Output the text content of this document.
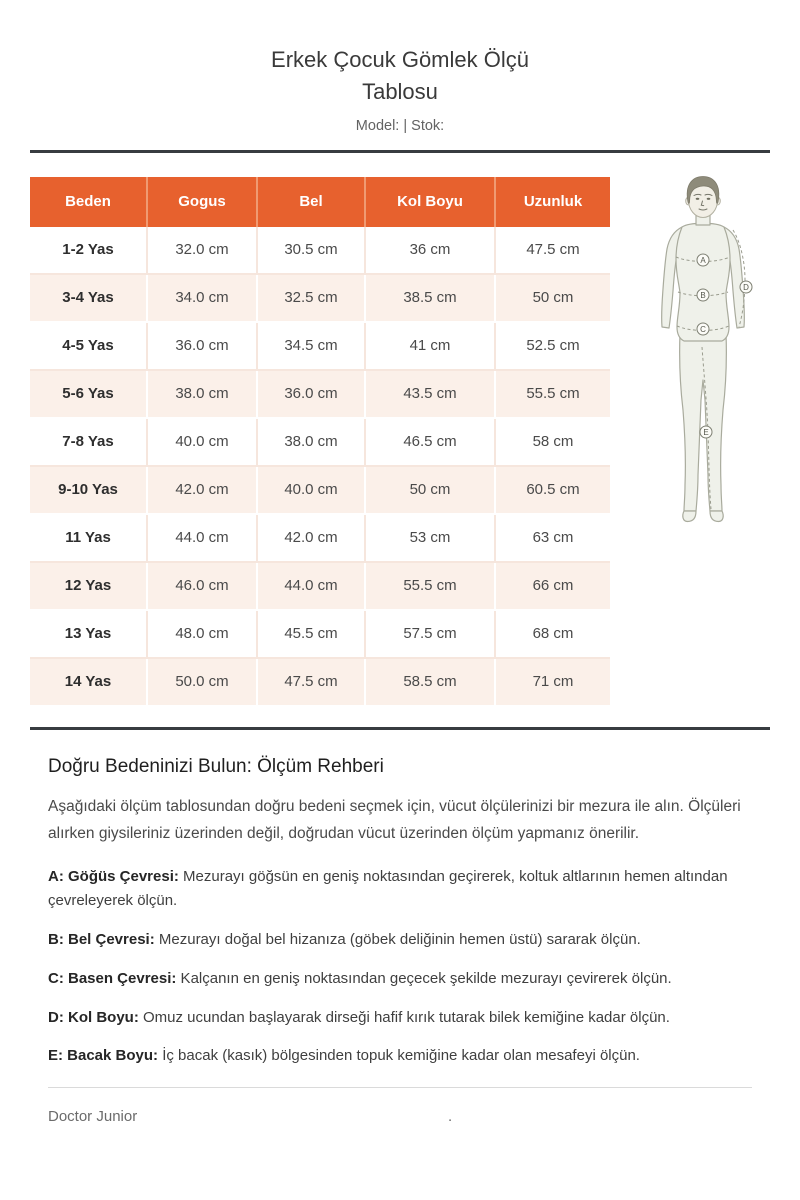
Erkek Çocuk Gömlek Ölçü Tablosu
Model: | Stok:
Beden	Gogus	Bel	Kol Boyu	Uzunluk
1-2 Yas	32.0 cm	30.5 cm	36 cm	47.5 cm
3-4 Yas	34.0 cm	32.5 cm	38.5 cm	50 cm
4-5 Yas	36.0 cm	34.5 cm	41 cm	52.5 cm
5-6 Yas	38.0 cm	36.0 cm	43.5 cm	55.5 cm
7-8 Yas	40.0 cm	38.0 cm	46.5 cm	58 cm
9-10 Yas	42.0 cm	40.0 cm	50 cm	60.5 cm
11 Yas	44.0 cm	42.0 cm	53 cm	63 cm
12 Yas	46.0 cm	44.0 cm	55.5 cm	66 cm
13 Yas	48.0 cm	45.5 cm	57.5 cm	68 cm
14 Yas	50.0 cm	47.5 cm	58.5 cm	71 cm
A
B
C
D
E
Doğru Bedeninizi Bulun: Ölçüm Rehberi

Aşağıdaki ölçüm tablosundan doğru bedeni seçmek için, vücut ölçülerinizi bir mezura ile alın. Ölçüleri alırken giysileriniz üzerinden değil, doğrudan vücut üzerinden ölçüm yapmanız önerilir.

A: Göğüs Çevresi: Mezurayı göğsün en geniş noktasından geçirerek, koltuk altlarının hemen altından çevreleyerek ölçün.

B: Bel Çevresi: Mezurayı doğal bel hizanıza (göbek deliğinin hemen üstü) sararak ölçün.

C: Basen Çevresi: Kalçanın en geniş noktasından geçecek şekilde mezurayı çevirerek ölçün.

D: Kol Boyu: Omuz ucundan başlayarak dirseği hafif kırık tutarak bilek kemiğine kadar ölçün.

E: Bacak Boyu: İç bacak (kasık) bölgesinden topuk kemiğine kadar olan mesafeyi ölçün.

Doctor Junior	.
